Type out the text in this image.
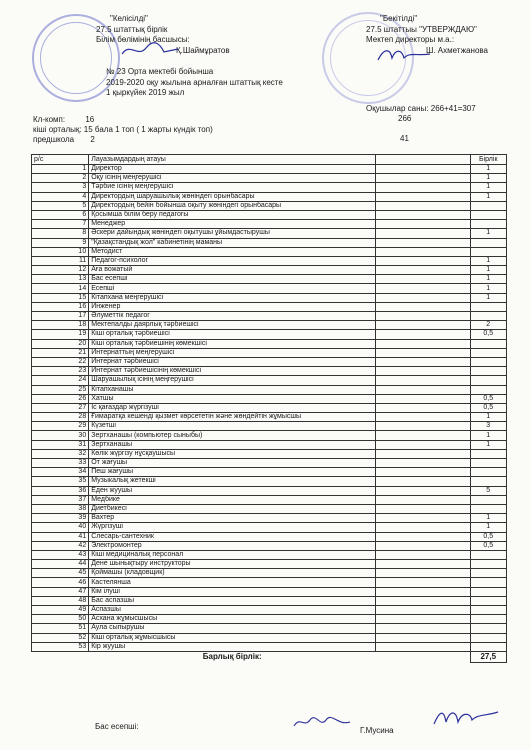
"Келісілді"
27.5 штаттық бірлік
Білім бөлімінің басшысы:
Қ.Шаймұратов
"Бекітілді"
27.5 штаттыы "УТВЕРЖДАЮ"
Мектеп директоры м.а.:
Ш. Ахметжанова
№ 23 Орта мектебі бойынша
2019-2020 оқу жылына арналған штаттық кесте
1 қыркүйек 2019 жыл
Оқушылар саны: 266+41=307
266
41
Кл-комп:	16
кіші орталық: 15 бала 1 топ ( 1 жарты күндік топ)
предшкола 2
р/с	Лауазымдардың атауы		Бірлік
1	Директор		1
2	Оқу ісінің меңгерушісі		1
3	Тәрбие ісінің меңгерушісі		1
4	Директордың шаруашылық жөніндегі орынбасары		1
5	Директордың бейін бойынша оқыту жөніндегі орынбасары		
6	Қосымша білім беру педагогы		
7	Менеджер		
8	Әскери дайындық жөніндегі оқытушы ұйымдастырушы		1
9	"Қазақстандық жол" кабинетінің маманы		
10	Методист		
11	Педагог-психолог		1
12	Аға вожатый		1
13	Бас есепші		1
14	Есепші		1
15	Кітапхана меңгерушісі		1
16	Инженер		
17	Әлуметтік педагог		
18	Мектепалды даярлық тәрбиешісі		2
19	Кіші орталық тәрбиешісі		0,5
20	Кіші орталық тәрбиешінің көмекшісі		
21	Интернаттың меңгерушісі		
22	Интернат тәрбиешісі		
23	Интернат тәрбиешісінің көмекшісі		
24	Шаруашылық ісінің меңгерушісі		
25	Кітапханашы		
26	Хатшы		0,5
27	Іс қағаздар жүргізуші		0,5
28	Ғимаратқа кешенді қызмет көрсететін және жөндейтін жұмысшы		1
29	Күзетші		3
30	Зертханашы (компьютер сыныбы)		1
31	Зертханашы		1
32	Көлік жүргізу нұсқаушысы		
33	От жағушы		
34	Пеш жағушы		
35	Музыкалық жетекші		
36	Еден жуушы		5
37	Медбике		
38	Диетбикесі		
39	Вахтер		1
40	Жүргізуші		1
41	Слесарь-сантехник		0,5
42	Электромонтер		0,5
43	Кіші медициналық персонал		
44	Дене шынықтыру инструкторы		
45	Қоймашы (кладовщик)		
46	Кастелянша		
47	Кім ілуші		
48	Бас аспазшы		
49	Аспазшы		
50	Асхана жұмысшысы		
51	Аула сыпырушы		
52	Кіші орталық жұмысшысы		
53	Кір жуушы		
	Барлық бірлік:		27,5
Бас есепші:	Г.Мусина
